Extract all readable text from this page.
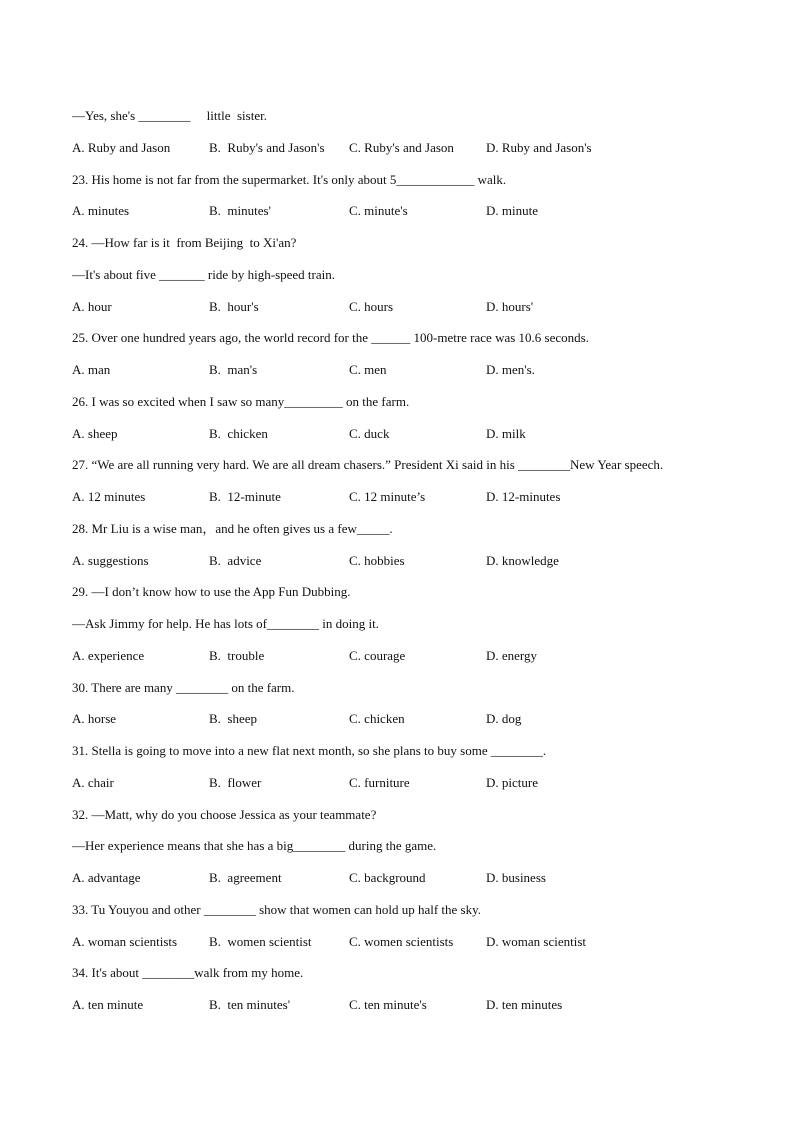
—Yes, she's ________     little  sister.
A. Ruby and Jason	B.  Ruby's and Jason's C. Ruby's and Jason D. Ruby and Jason's
23. His home is not far from the supermarket. It's only about 5____________ walk.
A. minutes	B.  minutes'	C. minute's	D. minute
24. —How far is it  from Beijing  to Xi'an?
—It's about five _______ ride by high-speed train.
A. hour	B.  hour's	C. hours	D. hours'
25. Over one hundred years ago, the world record for the ______ 100-metre race was 10.6 seconds.
A. man	B.  man's	C. men	D. men's.
26. I was so excited when I saw so many_________ on the farm.
A. sheep	B.  chicken	C. duck	D. milk
27. “We are all running very hard. We are all dream chasers.” President Xi said in his ________New Year speech.
A. 12 minutes	B.  12-minute	C. 12 minute’s	D. 12-minutes
28. Mr Liu is a wise man，and he often gives us a few_____.
A. suggestions	B.  advice	C. hobbies	D. knowledge
29. —I don’t know how to use the App Fun Dubbing.
—Ask Jimmy for help. He has lots of________ in doing it.
A. experience	B.  trouble	C. courage	D. energy
30. There are many ________ on the farm.
A. horse	B.  sheep	C. chicken	D. dog
31. Stella is going to move into a new flat next month, so she plans to buy some ________.
A. chair	B.  flower	C. furniture	D. picture
32. —Matt, why do you choose Jessica as your teammate?
—Her experience means that she has a big________ during the game.
A. advantage	B.  agreement	C. background	D. business
33. Tu Youyou and other ________ show that women can hold up half the sky.
A. woman scientists B.  women scientist	C. women scientists	D. woman scientist
34. It's about ________walk from my home.
A. ten minute	B.  ten minutes'	C. ten minute's	D. ten minutes
